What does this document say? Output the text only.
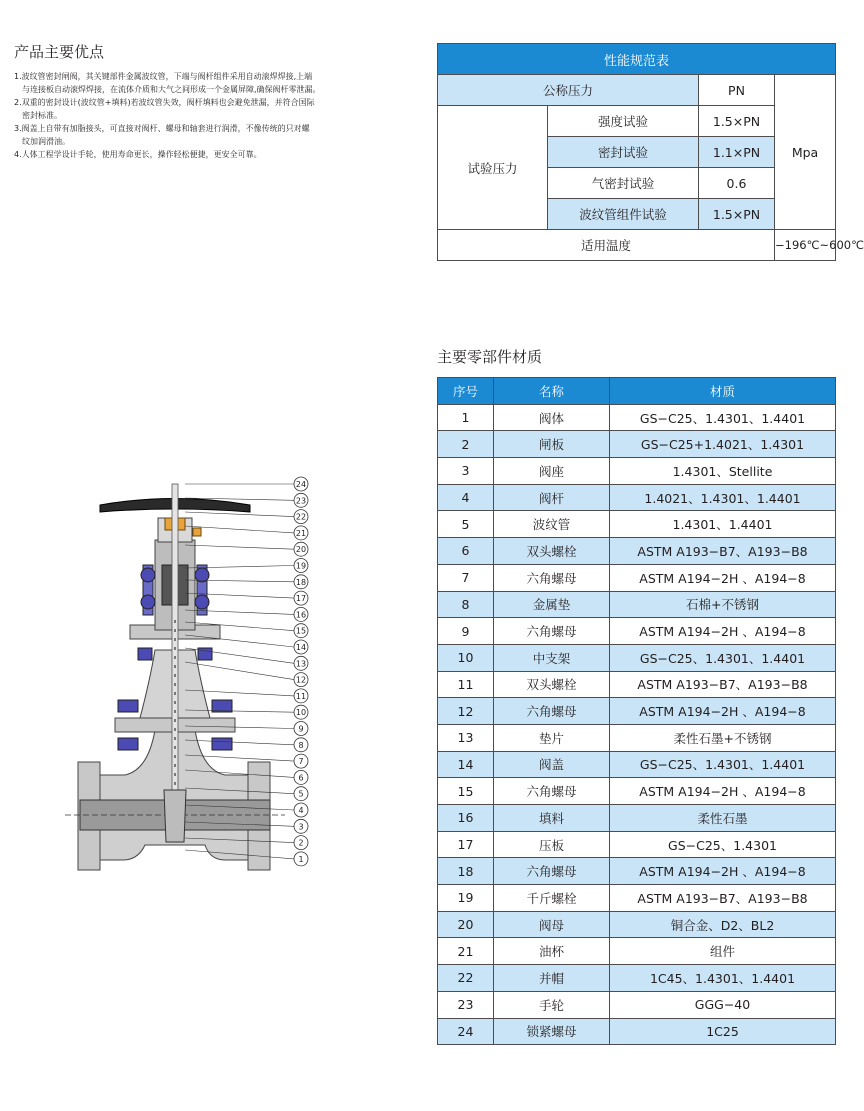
产品主要优点
1.波纹管密封闸阀，其关键部件金属波纹管，下端与阀杆组件采用自动滚焊焊接,上端
与连接板自动滚焊焊接，在流体介质和大气之间形成一个金属屏障,确保阀杆零泄漏。
2.双重的密封设计(波纹管+填料)若波纹管失效，阀杆填料也会避免泄漏，并符合国际
密封标准。
3.阀盖上自带有加脂接头，可直接对阀杆、螺母和轴套进行润滑，不像传统的只对螺
纹加润滑油。
4.人体工程学设计手轮，使用寿命更长，操作轻松便捷，更安全可靠。
性能规范表			
公称压力		PN	Mpa
试验压力	强度试验	1.5×PN	
	密封试验	1.1×PN	
	气密封试验	0.6	
	波纹管组件试验	1.5×PN	
适用温度			−196℃~600℃
主要零部件材质
序号	名称	材质
1	阀体	GS−C25、1.4301、1.4401
2	闸板	GS−C25+1.4021、1.4301
3	阀座	1.4301、Stellite
4	阀杆	1.4021、1.4301、1.4401
5	波纹管	1.4301、1.4401
6	双头螺栓	ASTM A193−B7、A193−B8
7	六角螺母	ASTM A194−2H 、A194−8
8	金属垫	石棉+不锈钢
9	六角螺母	ASTM A194−2H 、A194−8
10	中支架	GS−C25、1.4301、1.4401
11	双头螺栓	ASTM A193−B7、A193−B8
12	六角螺母	ASTM A194−2H 、A194−8
13	垫片	柔性石墨+不锈钢
14	阀盖	GS−C25、1.4301、1.4401
15	六角螺母	ASTM A194−2H 、A194−8
16	填料	柔性石墨
17	压板	GS−C25、1.4301
18	六角螺母	ASTM A194−2H 、A194−8
19	千斤螺栓	ASTM A193−B7、A193−B8
20	阀母	铜合金、D2、BL2
21	油杯	组件
22	并帽	1C45、1.4301、1.4401
23	手轮	GGG−40
24	锁紧螺母	1C25
24
23
22
21
20
19
18
17
16
15
14
13
12
11
10
9
8
7
6
5
4
3
2
1
